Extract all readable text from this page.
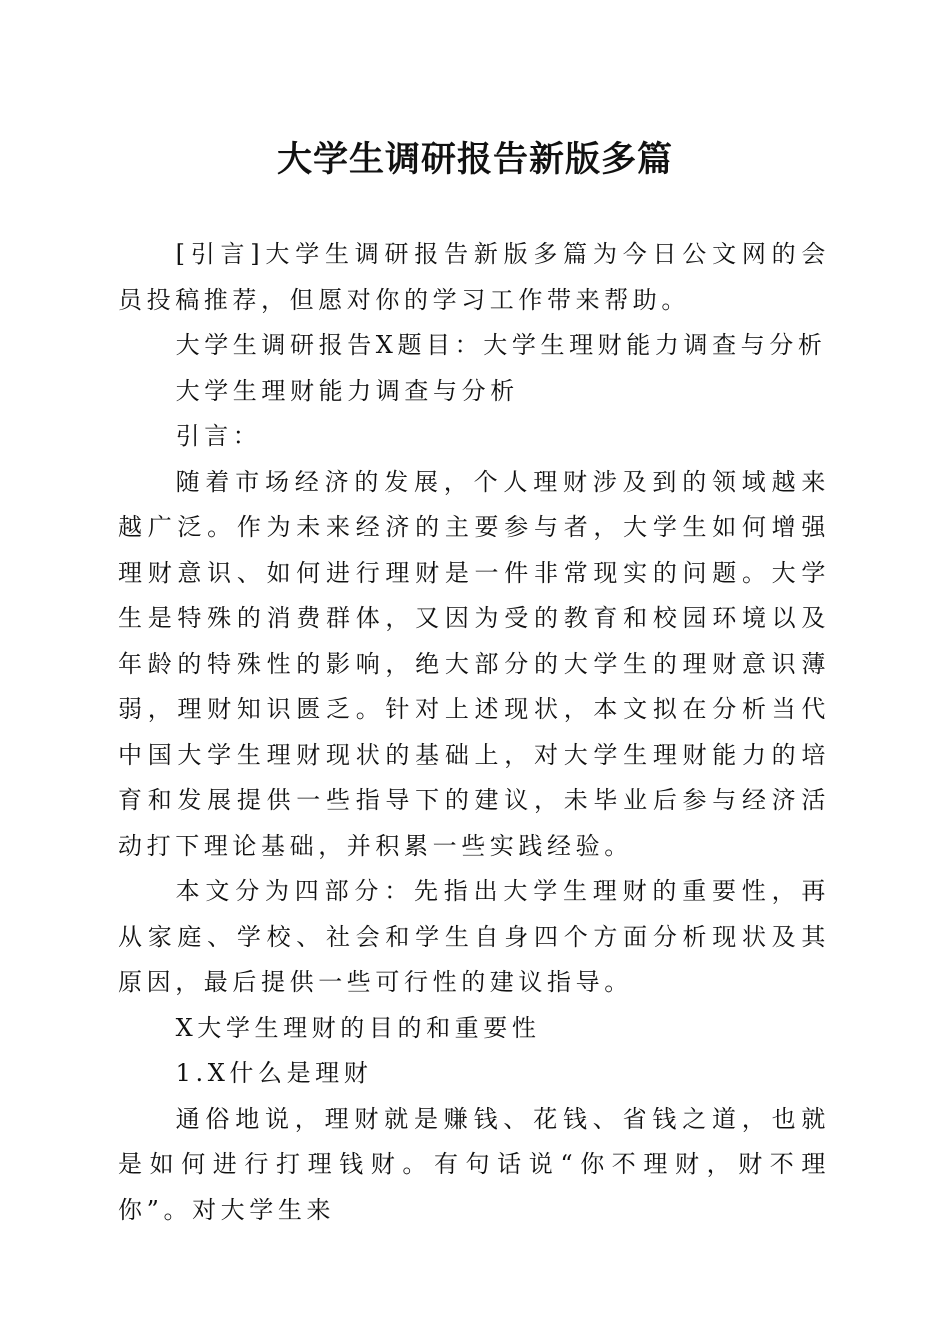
大学生调研报告新版多篇

[引言]大学生调研报告新版多篇为今日公文网的会员投稿推荐，但愿对你的学习工作带来帮助。

大学生调研报告X题目：大学生理财能力调查与分析

大学生理财能力调查与分析

引言：

随着市场经济的发展，个人理财涉及到的领域越来越广泛。作为未来经济的主要参与者，大学生如何增强理财意识、如何进行理财是一件非常现实的问题。大学生是特殊的消费群体，又因为受的教育和校园环境以及年龄的特殊性的影响，绝大部分的大学生的理财意识薄弱，理财知识匮乏。针对上述现状，本文拟在分析当代中国大学生理财现状的基础上，对大学生理财能力的培育和发展提供一些指导下的建议，未毕业后参与经济活动打下理论基础，并积累一些实践经验。

本文分为四部分：先指出大学生理财的重要性，再从家庭、学校、社会和学生自身四个方面分析现状及其原因，最后提供一些可行性的建议指导。

X大学生理财的目的和重要性

1.X什么是理财

通俗地说，理财就是赚钱、花钱、省钱之道，也就是如何进行打理钱财。有句话说“你不理财，财不理你”。对大学生来
